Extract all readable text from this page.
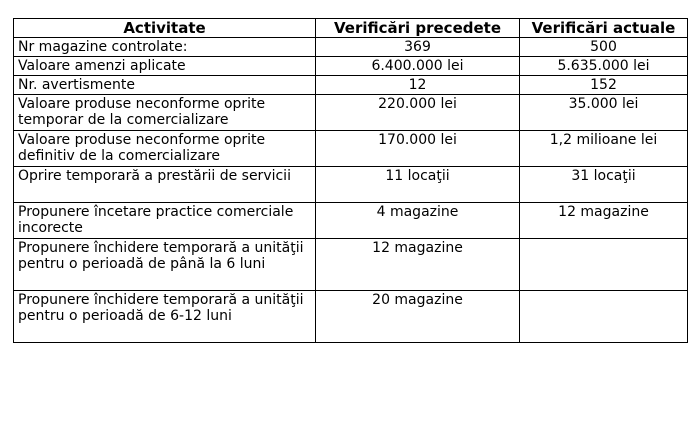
Activitate	Verificări precedete	Verificări actuale
Nr magazine controlate:	369	500
Valoare amenzi aplicate	6.400.000 lei	5.635.000 lei
Nr. avertismente	12	152
Valoare produse neconforme oprite temporar de la comercializare	220.000 lei	35.000 lei
Valoare produse neconforme oprite definitiv de la comercializare	170.000 lei	1,2 milioane lei
Oprire temporară a prestării de servicii	11 locaţii	31 locaţii
Propunere încetare practice comerciale incorecte	4 magazine	12 magazine
Propunere închidere temporară a unităţii pentru o perioadă de până la 6 luni	12 magazine	
Propunere închidere temporară a unităţii pentru o perioadă de 6-12 luni	20 magazine	
